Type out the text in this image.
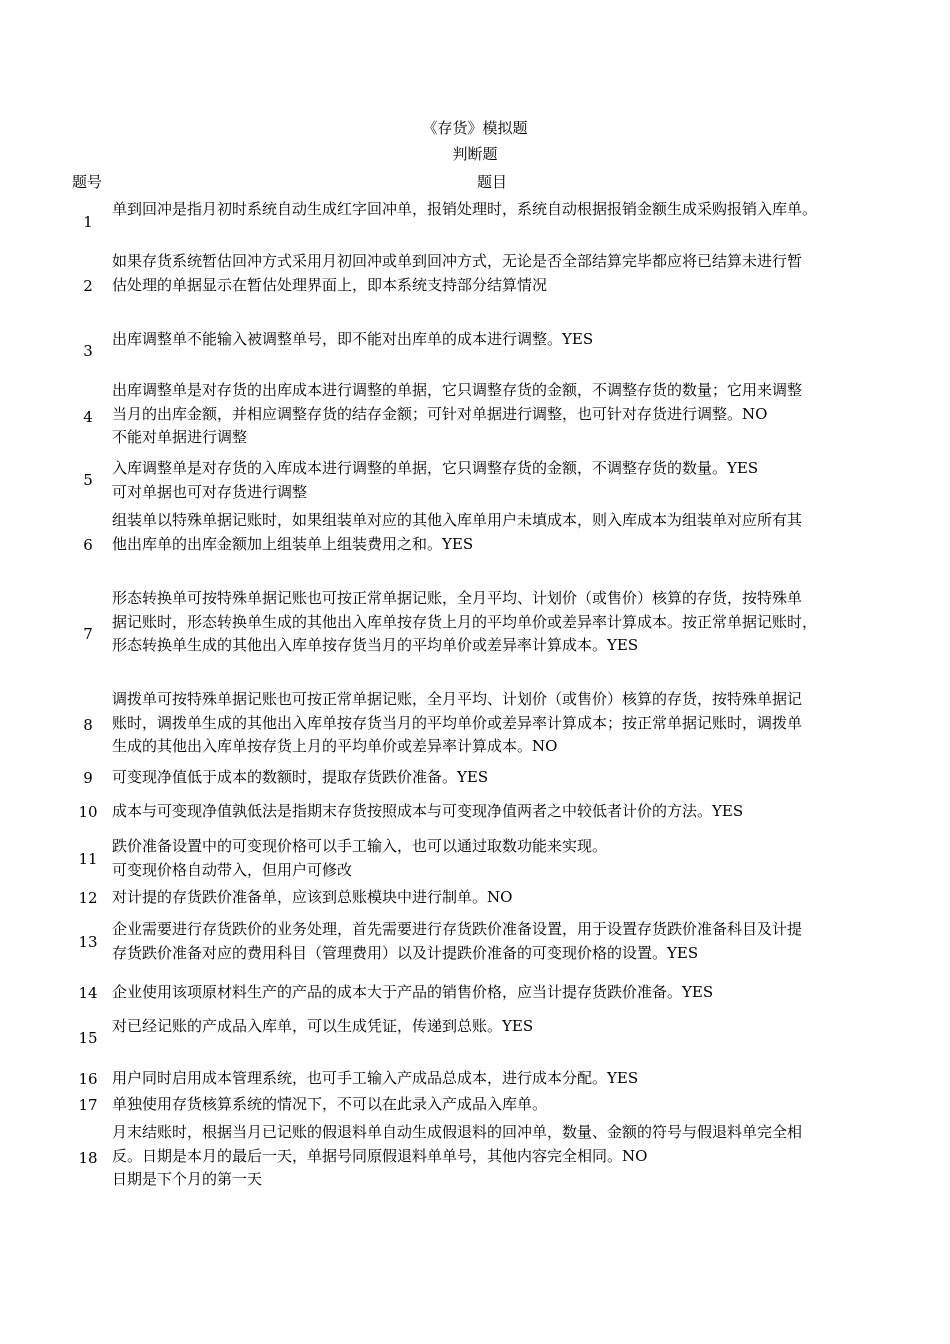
《存货》模拟题
判断题
题号	题目
1
单到回冲是指月初时系统自动生成红字回冲单，报销处理时，系统自动根据报销金额生成采购报销入库单。
2
如果存货系统暂估回冲方式采用月初回冲或单到回冲方式，无论是否全部结算完毕都应将已结算未进行暂
估处理的单据显示在暂估处理界面上，即本系统支持部分结算情况
3
出库调整单不能输入被调整单号，即不能对出库单的成本进行调整。YES
4
出库调整单是对存货的出库成本进行调整的单据，它只调整存货的金额，不调整存货的数量；它用来调整
当月的出库金额，并相应调整存货的结存金额；可针对单据进行调整，也可针对存货进行调整。NO
不能对单据进行调整
5
入库调整单是对存货的入库成本进行调整的单据，它只调整存货的金额，不调整存货的数量。YES
可对单据也可对存货进行调整
6
组装单以特殊单据记账时，如果组装单对应的其他入库单用户未填成本，则入库成本为组装单对应所有其
他出库单的出库金额加上组装单上组装费用之和。YES
7
形态转换单可按特殊单据记账也可按正常单据记账，全月平均、计划价（或售价）核算的存货，按特殊单
据记账时，形态转换单生成的其他出入库单按存货上月的平均单价或差异率计算成本。按正常单据记账时，
形态转换单生成的其他出入库单按存货当月的平均单价或差异率计算成本。YES
8
调拨单可按特殊单据记账也可按正常单据记账，全月平均、计划价（或售价）核算的存货，按特殊单据记
账时，调拨单生成的其他出入库单按存货当月的平均单价或差异率计算成本；按正常单据记账时，调拨单
生成的其他出入库单按存货上月的平均单价或差异率计算成本。NO
9	可变现净值低于成本的数额时，提取存货跌价准备。YES
10 成本与可变现净值孰低法是指期末存货按照成本与可变现净值两者之中较低者计价的方法。YES
11
跌价准备设置中的可变现价格可以手工输入，也可以通过取数功能来实现。
可变现价格自动带入，但用户可修改
12 对计提的存货跌价准备单，应该到总账模块中进行制单。NO
13
企业需要进行存货跌价的业务处理，首先需要进行存货跌价准备设置，用于设置存货跌价准备科目及计提
存货跌价准备对应的费用科目（管理费用）以及计提跌价准备的可变现价格的设置。YES
14 企业使用该项原材料生产的产品的成本大于产品的销售价格，应当计提存货跌价准备。YES
15
对已经记账的产成品入库单，可以生成凭证，传递到总账。YES
16 用户同时启用成本管理系统，也可手工输入产成品总成本，进行成本分配。YES
17 单独使用存货核算系统的情况下，不可以在此录入产成品入库单。
18
月末结账时，根据当月已记账的假退料单自动生成假退料的回冲单，数量、金额的符号与假退料单完全相
反。日期是本月的最后一天，单据号同原假退料单单号，其他内容完全相同。NO
日期是下个月的第一天
